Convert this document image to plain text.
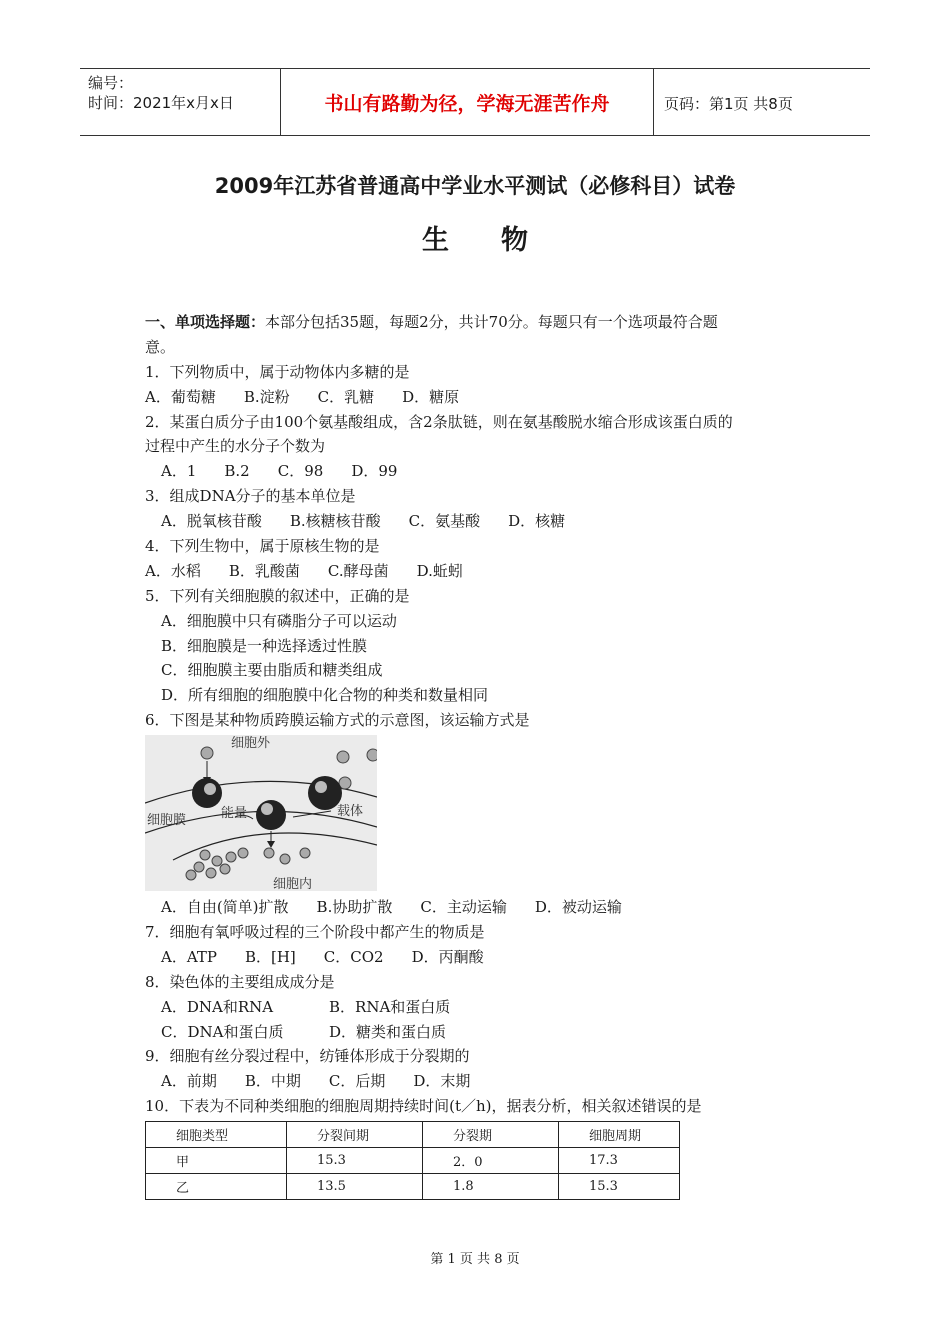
编号：
时间：2021年x月x日	书山有路勤为径，学海无涯苦作舟	页码：第1页 共8页
2009年江苏省普通高中学业水平测试（必修科目）试卷
生物
一、单项选择题：本部分包括35题，每题2分，共计70分。每题只有一个选项最符合题
意。
1．下列物质中，属于动物体内多糖的是
A．葡萄糖 B.淀粉 C．乳糖 D．糖原
2．某蛋白质分子由100个氨基酸组成，含2条肽链，则在氨基酸脱水缩合形成该蛋白质的
过程中产生的水分子个数为
A．1 B.2 C．98 D．99
3．组成DNA分子的基本单位是
A．脱氧核苷酸 B.核糖核苷酸 C．氨基酸 D．核糖
4．下列生物中，属于原核生物的是
A．水稻 B．乳酸菌 C.酵母菌 D.蚯蚓
5．下列有关细胞膜的叙述中，正确的是
A．细胞膜中只有磷脂分子可以运动
B．细胞膜是一种选择透过性膜
C．细胞膜主要由脂质和糖类组成
D．所有细胞的细胞膜中化合物的种类和数量相同
6．下图是某种物质跨膜运输方式的示意图，该运输方式是
细胞外
细胞膜	能量	载体
细胞内
A．自由(简单)扩散 B.协助扩散 C．主动运输 D．被动运输
7．细胞有氧呼吸过程的三个阶段中都产生的物质是
A．ATP B．[H] C．CO2 D．丙酮酸
8．染色体的主要组成成分是
A．DNA和RNA	B．RNA和蛋白质
C．DNA和蛋白质	D．糖类和蛋白质
9．细胞有丝分裂过程中，纺锤体形成于分裂期的
A．前期 B．中期 C．后期 D．末期
10．下表为不同种类细胞的细胞周期持续时间(t／h)，据表分析，相关叙述错误的是
细胞类型	分裂间期	分裂期	细胞周期
甲	15.3	2．0	17.3
乙	13.5	1.8	15.3
第 1 页 共 8 页
